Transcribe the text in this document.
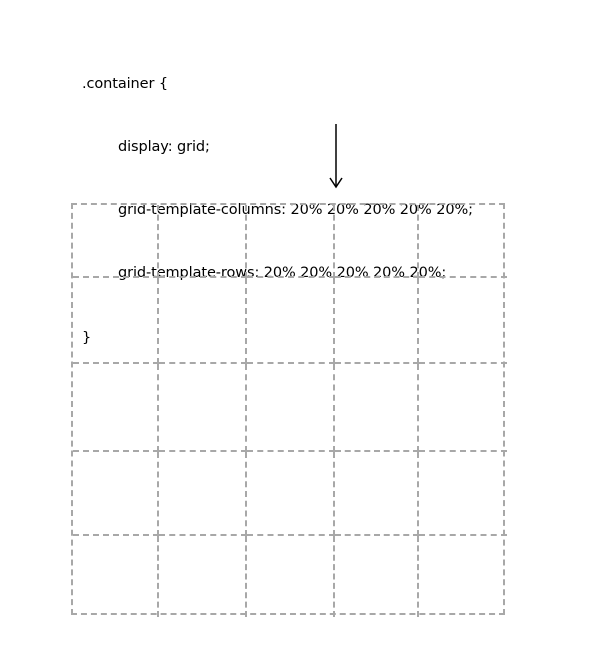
.container {

display: grid;

grid-template-columns: 20% 20% 20% 20% 20%;

grid-template-rows: 20% 20% 20% 20% 20%;

}
